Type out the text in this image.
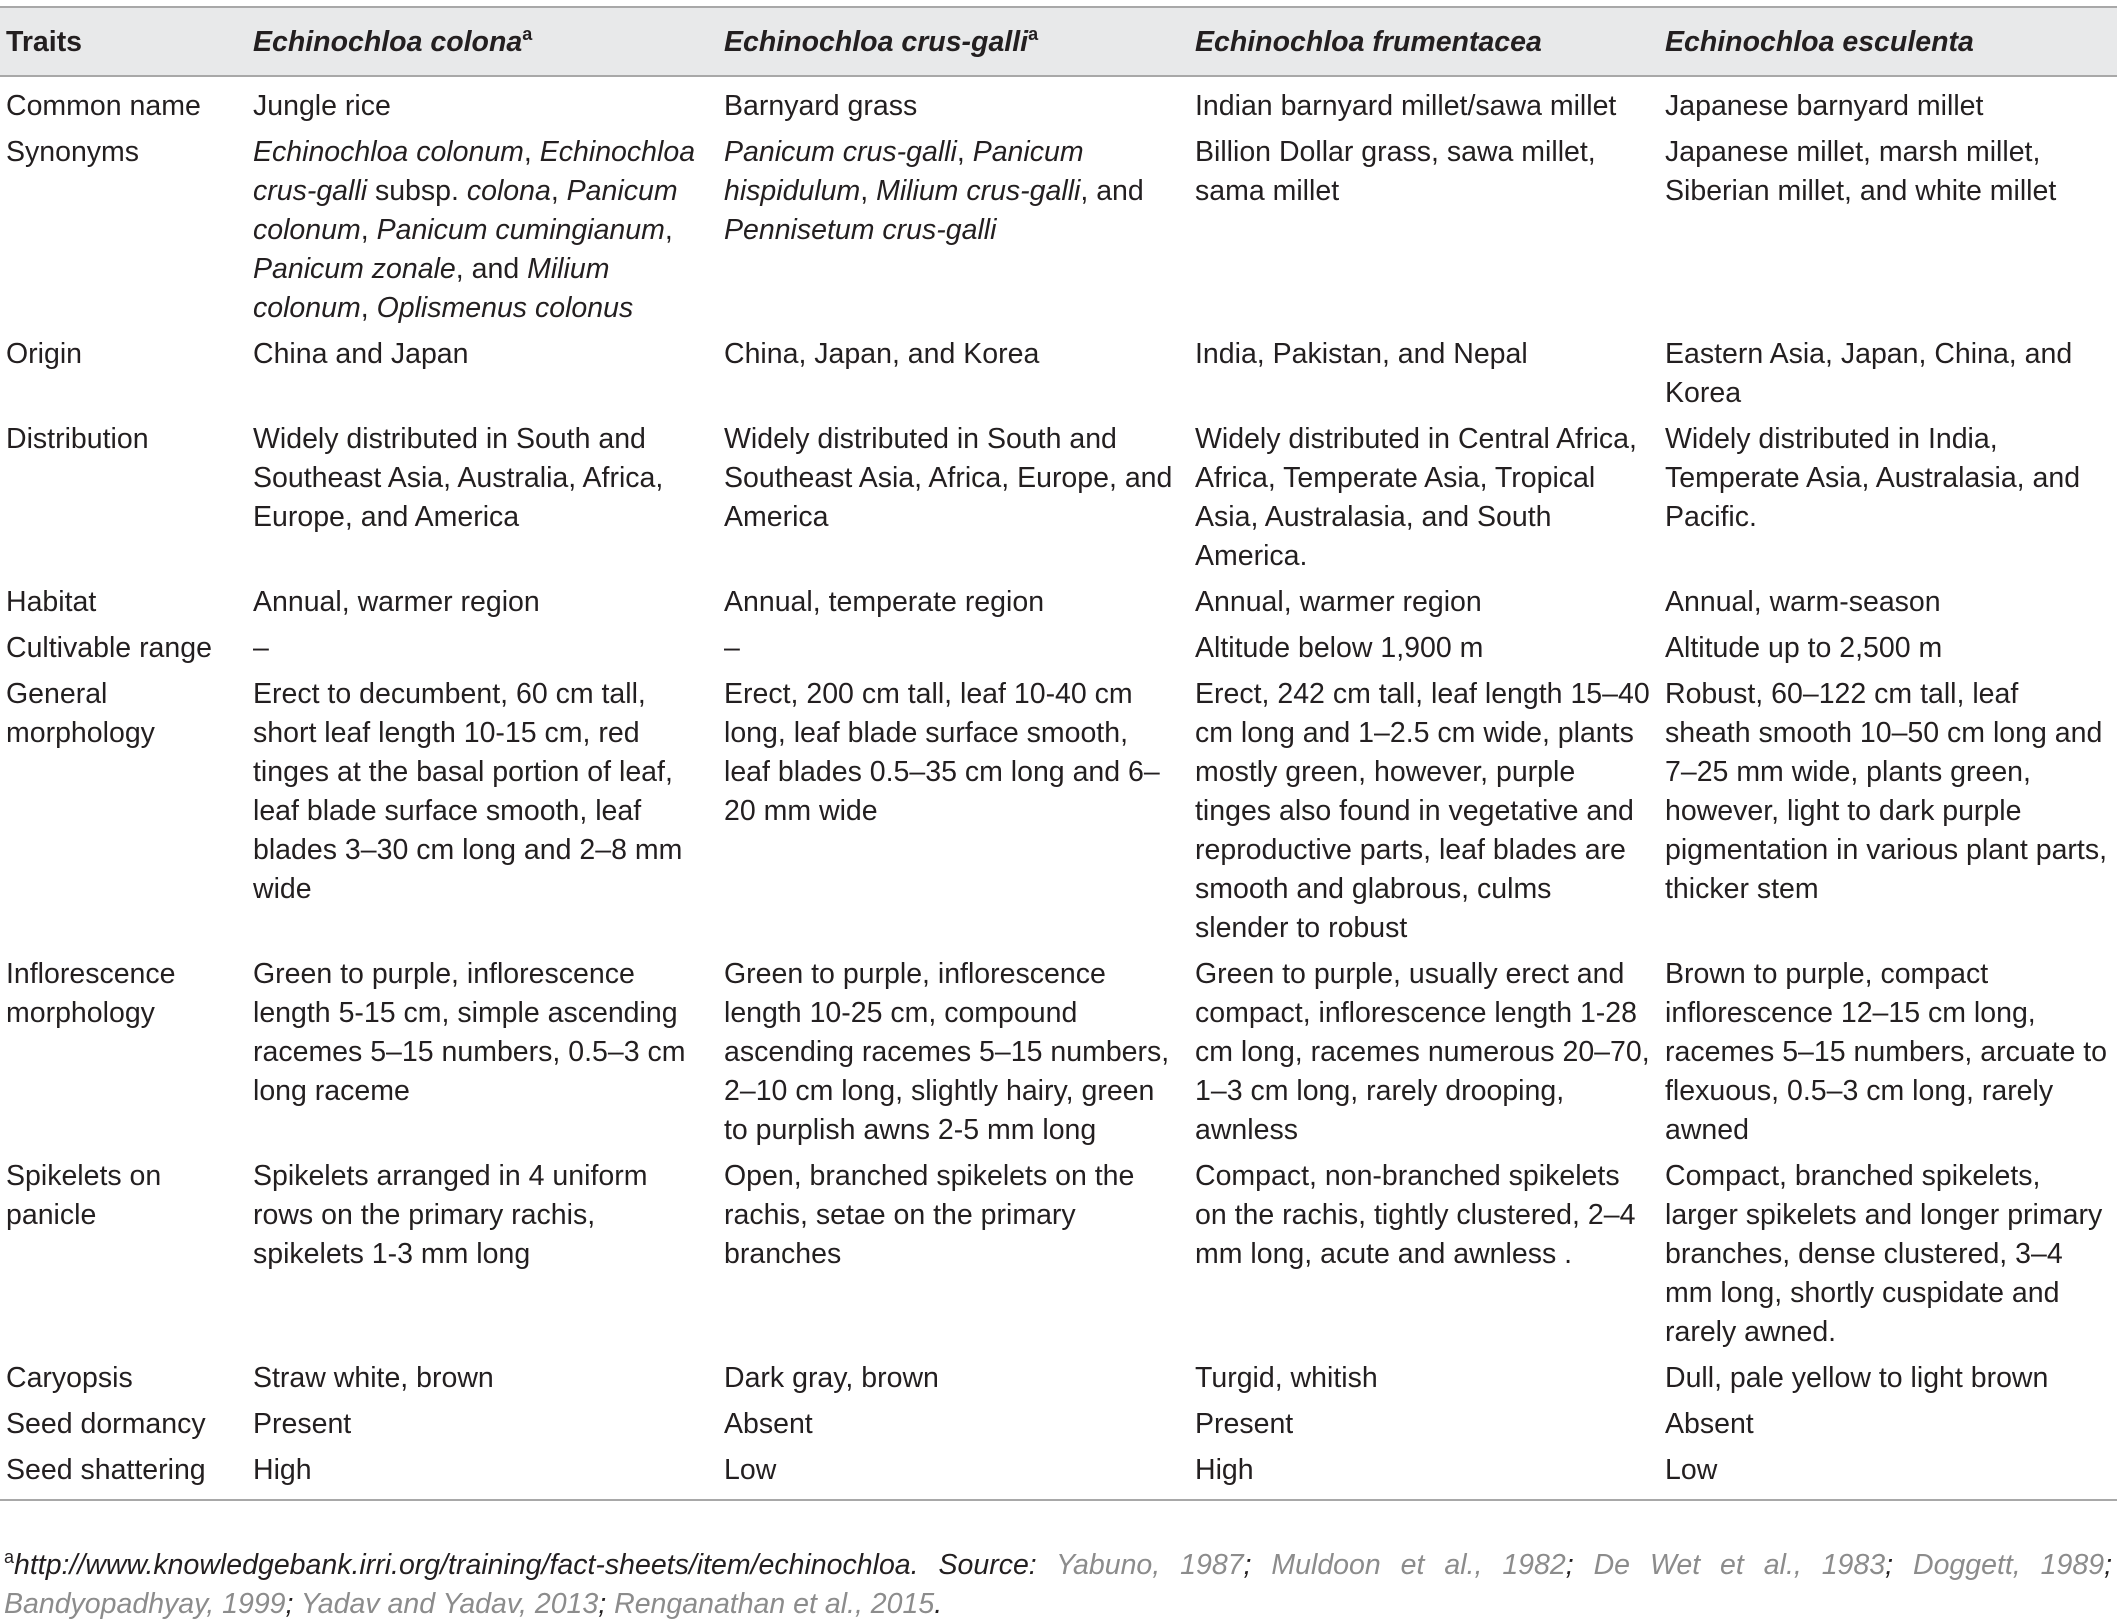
Traits	Echinochloa colona$^a$	Echinochloa crus-galli$^a$	Echinochloa frumentacea	Echinochloa esculenta
Common name	Jungle rice	Barnyard grass	Indian barnyard millet/sawa millet	Japanese barnyard millet
Synonyms	Echinochloa colonum, Echinochloa crus-galli subsp. colona, Panicum colonum, Panicum cumingianum, Panicum zonale, and Milium colonum, Oplismenus colonus	Panicum crus-galli, Panicum hispidulum, Milium crus-galli, and Pennisetum crus-galli	Billion Dollar grass, sawa millet, sama millet	Japanese millet, marsh millet, Siberian millet, and white millet
Origin	China and Japan	China, Japan, and Korea	India, Pakistan, and Nepal	Eastern Asia, Japan, China, and Korea
Distribution	Widely distributed in South and Southeast Asia, Australia, Africa, Europe, and America	Widely distributed in South and Southeast Asia, Africa, Europe, and America	Widely distributed in Central Africa, Africa, Temperate Asia, Tropical Asia, Australasia, and South America.	Widely distributed in India, Temperate Asia, Australasia, and Pacific.
Habitat	Annual, warmer region	Annual, temperate region	Annual, warmer region	Annual, warm-season
Cultivable range	–	–	Altitude below 1,900 m	Altitude up to 2,500 m
General morphology	Erect to decumbent, 60 cm tall, short leaf length 10-15 cm, red tinges at the basal portion of leaf, leaf blade surface smooth, leaf blades 3–30 cm long and 2–8 mm wide	Erect, 200 cm tall, leaf 10-40 cm long, leaf blade surface smooth, leaf blades 0.5–35 cm long and 6–20 mm wide	Erect, 242 cm tall, leaf length 15–40 cm long and 1–2.5 cm wide, plants mostly green, however, purple tinges also found in vegetative and reproductive parts, leaf blades are smooth and glabrous, culms slender to robust	Robust, 60–122 cm tall, leaf sheath smooth 10–50 cm long and 7–25 mm wide, plants green, however, light to dark purple pigmentation in various plant parts, thicker stem
Inflorescence morphology	Green to purple, inflorescence length 5-15 cm, simple ascending racemes 5–15 numbers, 0.5–3 cm long raceme	Green to purple, inflorescence length 10-25 cm, compound ascending racemes 5–15 numbers, 2–10 cm long, slightly hairy, green to purplish awns 2-5 mm long	Green to purple, usually erect and compact, inflorescence length 1-28 cm long, racemes numerous 20–70, 1–3 cm long, rarely drooping, awnless	Brown to purple, compact inflorescence 12–15 cm long, racemes 5–15 numbers, arcuate to flexuous, 0.5–3 cm long, rarely awned
Spikelets on panicle	Spikelets arranged in 4 uniform rows on the primary rachis, spikelets 1-3 mm long	Open, branched spikelets on the rachis, setae on the primary branches	Compact, non-branched spikelets on the rachis, tightly clustered, 2–4 mm long, acute and awnless .	Compact, branched spikelets, larger spikelets and longer primary branches, dense clustered, 3–4 mm long, shortly cuspidate and rarely awned.
Caryopsis	Straw white, brown	Dark gray, brown	Turgid, whitish	Dull, pale yellow to light brown
Seed dormancy	Present	Absent	Present	Absent
Seed shattering	High	Low	High	Low
$^a$http://www.knowledgebank.irri.org/training/fact-sheets/item/echinochloa. Source: Yabuno, 1987; Muldoon et al., 1982; De Wet et al., 1983; Doggett, 1989; Bandyopadhyay, 1999; Yadav and Yadav, 2013; Renganathan et al., 2015.
